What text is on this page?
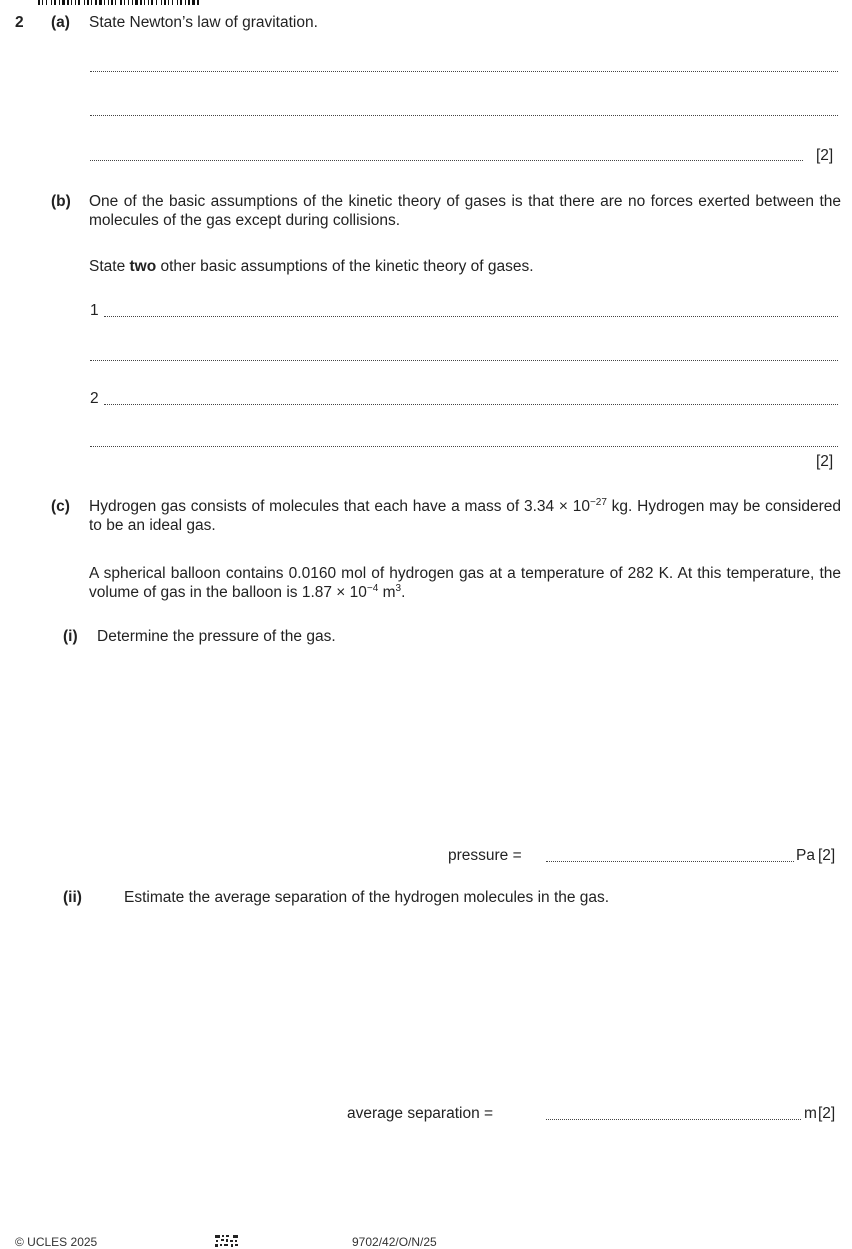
2 (a) State Newton’s law of gravitation.
[2]
(b) One of the basic assumptions of the kinetic theory of gases is that there are no forces exerted between the molecules of the gas except during collisions.
State two other basic assumptions of the kinetic theory of gases.
1
2
[2]
(c) Hydrogen gas consists of molecules that each have a mass of $3.34 \times 10^{-27}$ kg. Hydrogen may be considered to be an ideal gas.
A spherical balloon contains 0.0160 mol of hydrogen gas at a temperature of 282 K. At this temperature, the volume of gas in the balloon is $1.87 \times 10^{-4}$ $m^3$.
(i) Determine the pressure of the gas.
pressure =	Pa [2]
(ii)	Estimate the average separation of the hydrogen molecules in the gas.
average separation =	m [2]
© UCLES 2025	9702/42/O/N/25
